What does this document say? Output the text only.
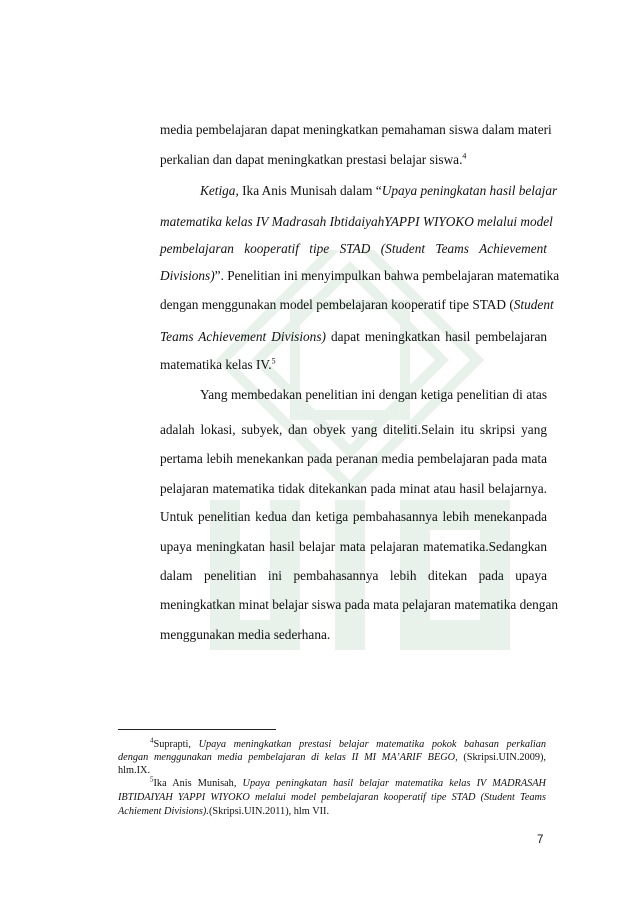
media pembelajaran dapat meningkatkan pemahaman siswa dalam materi
perkalian dan dapat meningkatkan prestasi belajar siswa.$^4$
Ketiga, Ika Anis Munisah dalam “Upaya peningkatan hasil belajar
matematika kelas IV Madrasah IbtidaiyahYAPPI WIYOKO melalui model
pembelajaran kooperatif tipe STAD (Student Teams Achievement
Divisions)”. Penelitian ini menyimpulkan bahwa pembelajaran matematika
dengan menggunakan model pembelajaran kooperatif tipe STAD (Student
Teams Achievement Divisions) dapat meningkatkan hasil pembelajaran
matematika kelas IV.$^5$
Yang membedakan penelitian ini dengan ketiga penelitian di atas
adalah lokasi, subyek, dan obyek yang diteliti.Selain itu skripsi yang
pertama lebih menekankan pada peranan media pembelajaran pada mata
pelajaran matematika tidak ditekankan pada minat atau hasil belajarnya.
Untuk penelitian kedua dan ketiga pembahasannya lebih menekanpada
upaya meningkatan hasil belajar mata pelajaran matematika.Sedangkan
dalam penelitian ini pembahasannya lebih ditekan pada upaya
meningkatkan minat belajar siswa pada mata pelajaran matematika dengan
menggunakan media sederhana.
$^4$Suprapti, Upaya meningkatkan prestasi belajar matematika pokok bahasan perkalian
dengan menggunakan media pembelajaran di kelas II MI MA’ARIF BEGO, (Skripsi.UIN.2009),
hlm.IX.
$^5$Ika Anis Munisah, Upaya peningkatan hasil belajar matematika kelas IV MADRASAH
IBTIDAIYAH YAPPI WIYOKO melalui model pembelajaran kooperatif tipe STAD (Student Teams
Achiement Divisions).(Skripsi.UIN.2011), hlm VII.
7
